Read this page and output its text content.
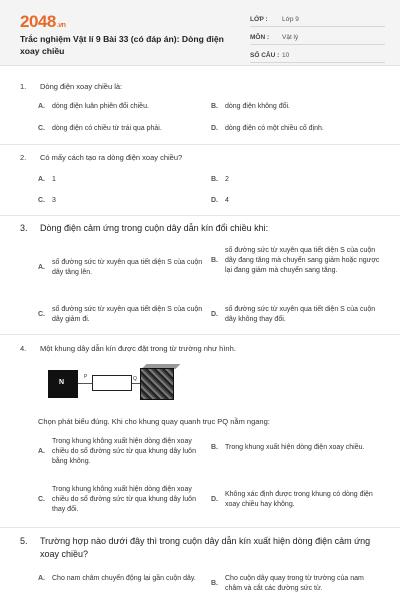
2048.vn
Trắc nghiệm Vật lí 9 Bài 33 (có đáp án): Dòng điện xoay chiều
LỚP :	Lớp 9
MÔN :	Vật lý
SỐ CÂU : 10
1.	Dòng điện xoay chiều là:
A.	dòng điện luân phiên đổi chiều.	B.	dòng điện không đổi.
C.	dòng điện có chiều từ trái qua phải.	D.	dòng điện có một chiều cố định.
2.	Có mấy cách tạo ra dòng điện xoay chiều?
A.	1	B.	2
C.	3	D.	4
3.	Dòng điện cảm ứng trong cuộn dây dẫn kín đổi chiều khi:
A.
số đường sức từ xuyên qua tiết diện S của cuộn dây tăng lên.
B.
số đường sức từ xuyên qua tiết diện S của cuộn dây đang tăng mà chuyển sang giảm hoặc ngược lại đang giảm mà chuyển sang tăng.
C.
số đường sức từ xuyên qua tiết diện S của cuộn dây giảm đi.
D.
số đường sức từ xuyên qua tiết diện S của cuộn dây không thay đổi.
4.	Một khung dây dẫn kín được đặt trong từ trường như hình.
N
P	Q
Chọn phát biểu đúng. Khi cho khung quay quanh trục PQ nằm ngang:
A.
Trong khung không xuất hiện dòng điện xoay chiều do số đường sức từ qua khung dây luôn bằng không.
B.	Trong khung xuất hiện dòng điện xoay chiều.
C.
Trong khung không xuất hiện dòng điện xoay chiều do số đường sức từ qua khung dây luôn thay đổi.
D.
Không xác định được trong khung có dòng điện xoay chiều hay không.
5.	Trường hợp nào dưới đây thì trong cuộn dây dẫn kín xuất hiện dòng điện cảm ứng xoay chiều?
A.	Cho nam châm chuyển động lại gần cuộn dây.
B.
Cho cuộn dây quay trong từ trường của nam châm và cắt các đường sức từ.
